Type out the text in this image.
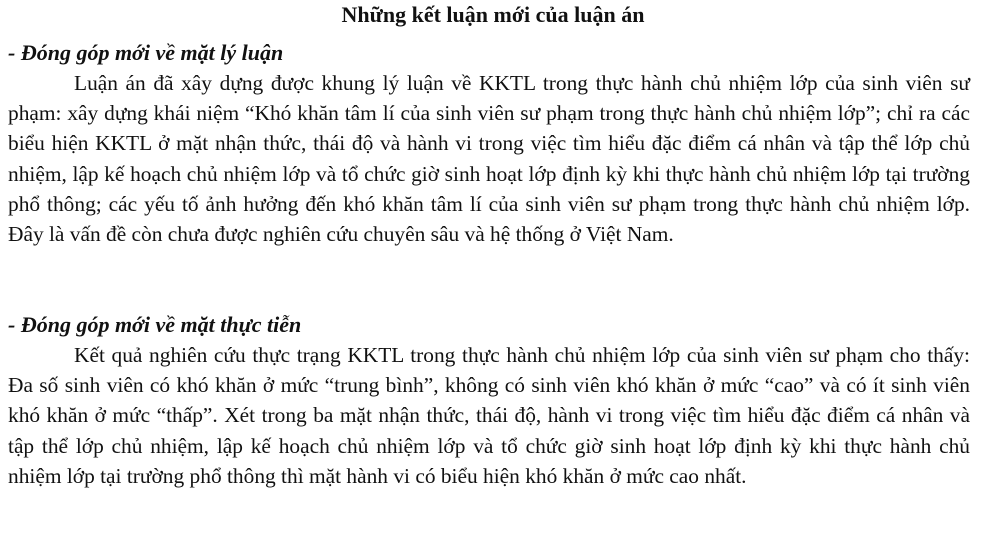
Những kết luận mới của luận án
- Đóng góp mới về mặt lý luận

Luận án đã xây dựng được khung lý luận về KKTL trong thực hành chủ nhiệm lớp của sinh viên sư phạm: xây dựng khái niệm “Khó khăn tâm lí của sinh viên sư phạm trong thực hành chủ nhiệm lớp”; chỉ ra các biểu hiện KKTL ở mặt nhận thức, thái độ và hành vi trong việc tìm hiểu đặc điểm cá nhân và tập thể lớp chủ nhiệm, lập kế hoạch chủ nhiệm lớp và tổ chức giờ sinh hoạt lớp định kỳ khi thực hành chủ nhiệm lớp tại trường phổ thông; các yếu tố ảnh hưởng đến khó khăn tâm lí của sinh viên sư phạm trong thực hành chủ nhiệm lớp. Đây là vấn đề còn chưa được nghiên cứu chuyên sâu và hệ thống ở Việt Nam.

- Đóng góp mới về mặt thực tiễn

Kết quả nghiên cứu thực trạng KKTL trong thực hành chủ nhiệm lớp của sinh viên sư phạm cho thấy: Đa số sinh viên có khó khăn ở mức “trung bình”, không có sinh viên khó khăn ở mức “cao” và có ít sinh viên khó khăn ở mức “thấp”. Xét trong ba mặt nhận thức, thái độ, hành vi trong việc tìm hiểu đặc điểm cá nhân và tập thể lớp chủ nhiệm, lập kế hoạch chủ nhiệm lớp và tổ chức giờ sinh hoạt lớp định kỳ khi thực hành chủ nhiệm lớp tại trường phổ thông thì mặt hành vi có biểu hiện khó khăn ở mức cao nhất.
